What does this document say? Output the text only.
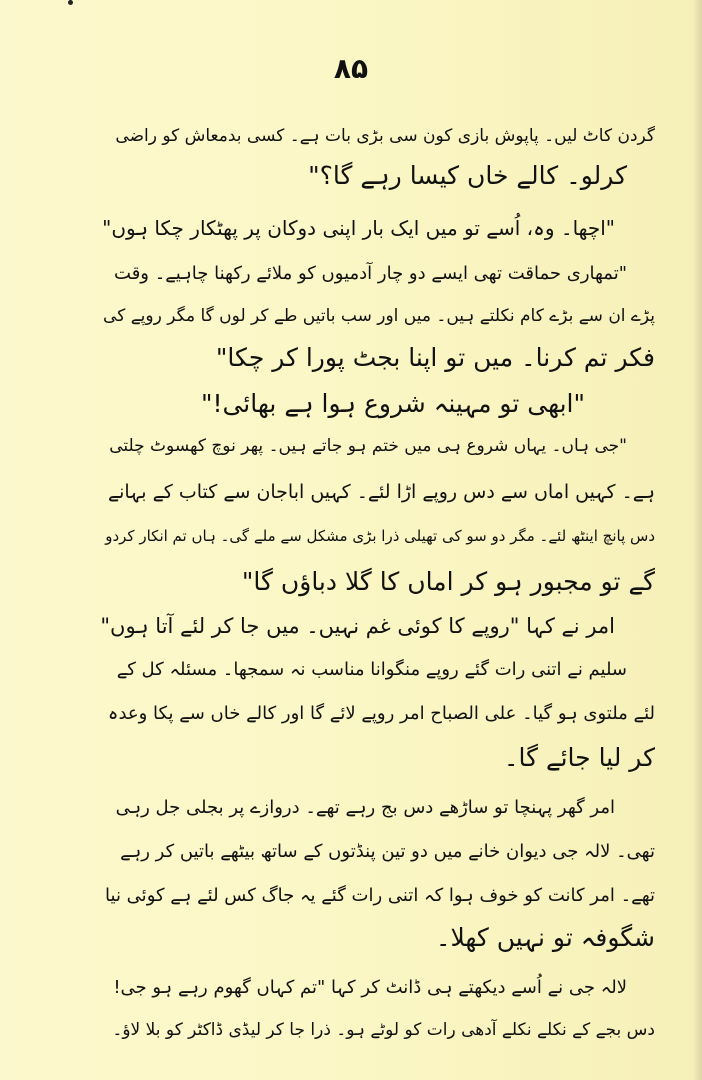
۸۵
گردن کاٹ لیں۔ پاپوش بازی کون سی بڑی بات ہے۔ کسی بدمعاش کو راضی
کرلو۔ کالے خاں کیسا رہے گا؟"
"اچھا۔ وہ، اُسے تو میں ایک بار اپنی دوکان پر پھٹکار چکا ہوں"
"تمھاری حماقت تھی ایسے دو چار آدمیوں کو ملائے رکھنا چاہیے۔ وقت
پڑے ان سے بڑے کام نکلتے ہیں۔ میں اور سب باتیں طے کر لوں گا مگر روپے کی
فکر تم کرنا۔ میں تو اپنا بجٹ پورا کر چکا"
"ابھی تو مہینہ شروع ہوا ہے بھائی!"
"جی ہاں۔ یہاں شروع ہی میں ختم ہو جاتے ہیں۔ پھر نوچ کھسوٹ چلتی
ہے۔ کہیں اماں سے دس روپے اڑا لئے۔ کہیں اباجان سے کتاب کے بہانے
دس پانچ اینٹھ لئے۔ مگر دو سو کی تھیلی ذرا بڑی مشکل سے ملے گی۔ ہاں تم انکار کردو
گے تو مجبور ہو کر اماں کا گلا دباؤں گا"
امر نے کہا "روپے کا کوئی غم نہیں۔ میں جا کر لئے آتا ہوں"
سلیم نے اتنی رات گئے روپے منگوانا مناسب نہ سمجھا۔ مسئلہ کل کے
لئے ملتوی ہو گیا۔ علی الصباح امر روپے لائے گا اور کالے خاں سے پکا وعدہ
کر لیا جائے گا۔
امر گھر پہنچا تو ساڑھے دس بج رہے تھے۔ دروازے پر بجلی جل رہی
تھی۔ لالہ جی دیوان خانے میں دو تین پنڈتوں کے ساتھ بیٹھے باتیں کر رہے
تھے۔ امر کانت کو خوف ہوا کہ اتنی رات گئے یہ جاگ کس لئے ہے کوئی نیا
شگوفہ تو نہیں کھلا۔
لالہ جی نے اُسے دیکھتے ہی ڈانٹ کر کہا "تم کہاں گھوم رہے ہو جی!
دس بجے کے نکلے نکلے آدھی رات کو لوٹے ہو۔ ذرا جا کر لیڈی ڈاکٹر کو بلا لاؤ۔
